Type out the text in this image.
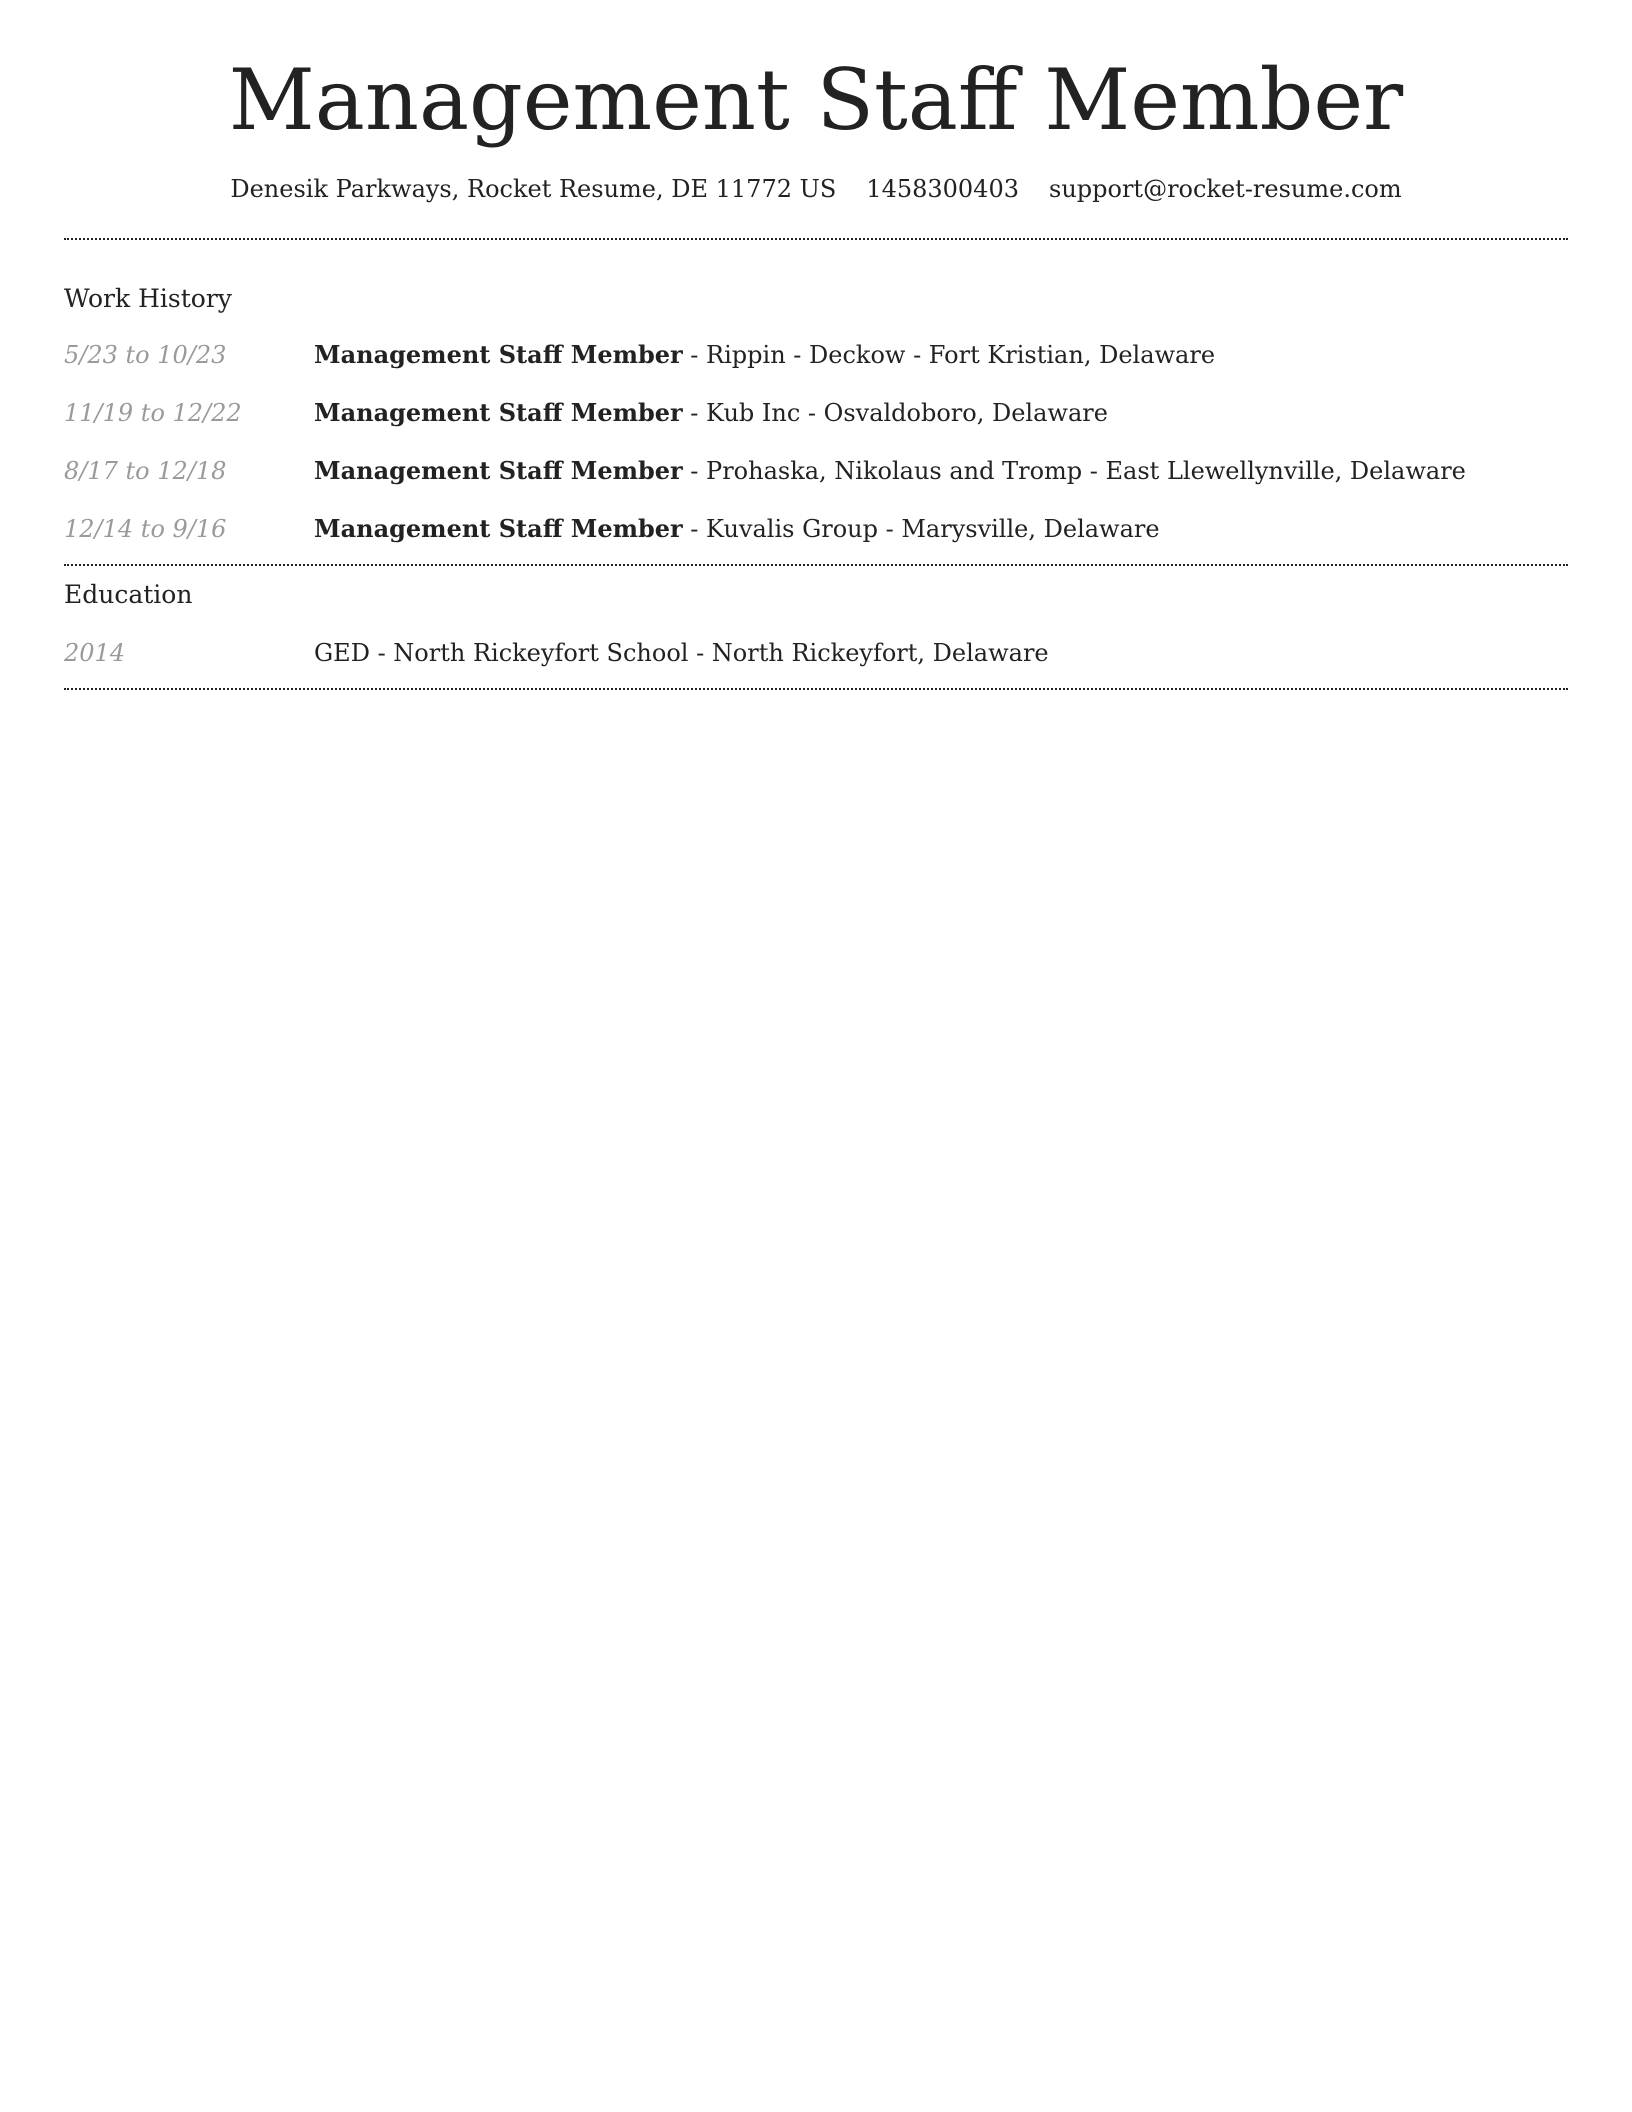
Management Staff Member
Denesik Parkways, Rocket Resume, DE 11772 US 1458300403 support@rocket-resume.com
Work History
5/23 to 10/23	Management Staff Member - Rippin - Deckow - Fort Kristian, Delaware
11/19 to 12/22	Management Staff Member - Kub Inc - Osvaldoboro, Delaware
8/17 to 12/18	Management Staff Member - Prohaska, Nikolaus and Tromp - East Llewellynville, Delaware
12/14 to 9/16	Management Staff Member - Kuvalis Group - Marysville, Delaware
Education
2014	GED - North Rickeyfort School - North Rickeyfort, Delaware
